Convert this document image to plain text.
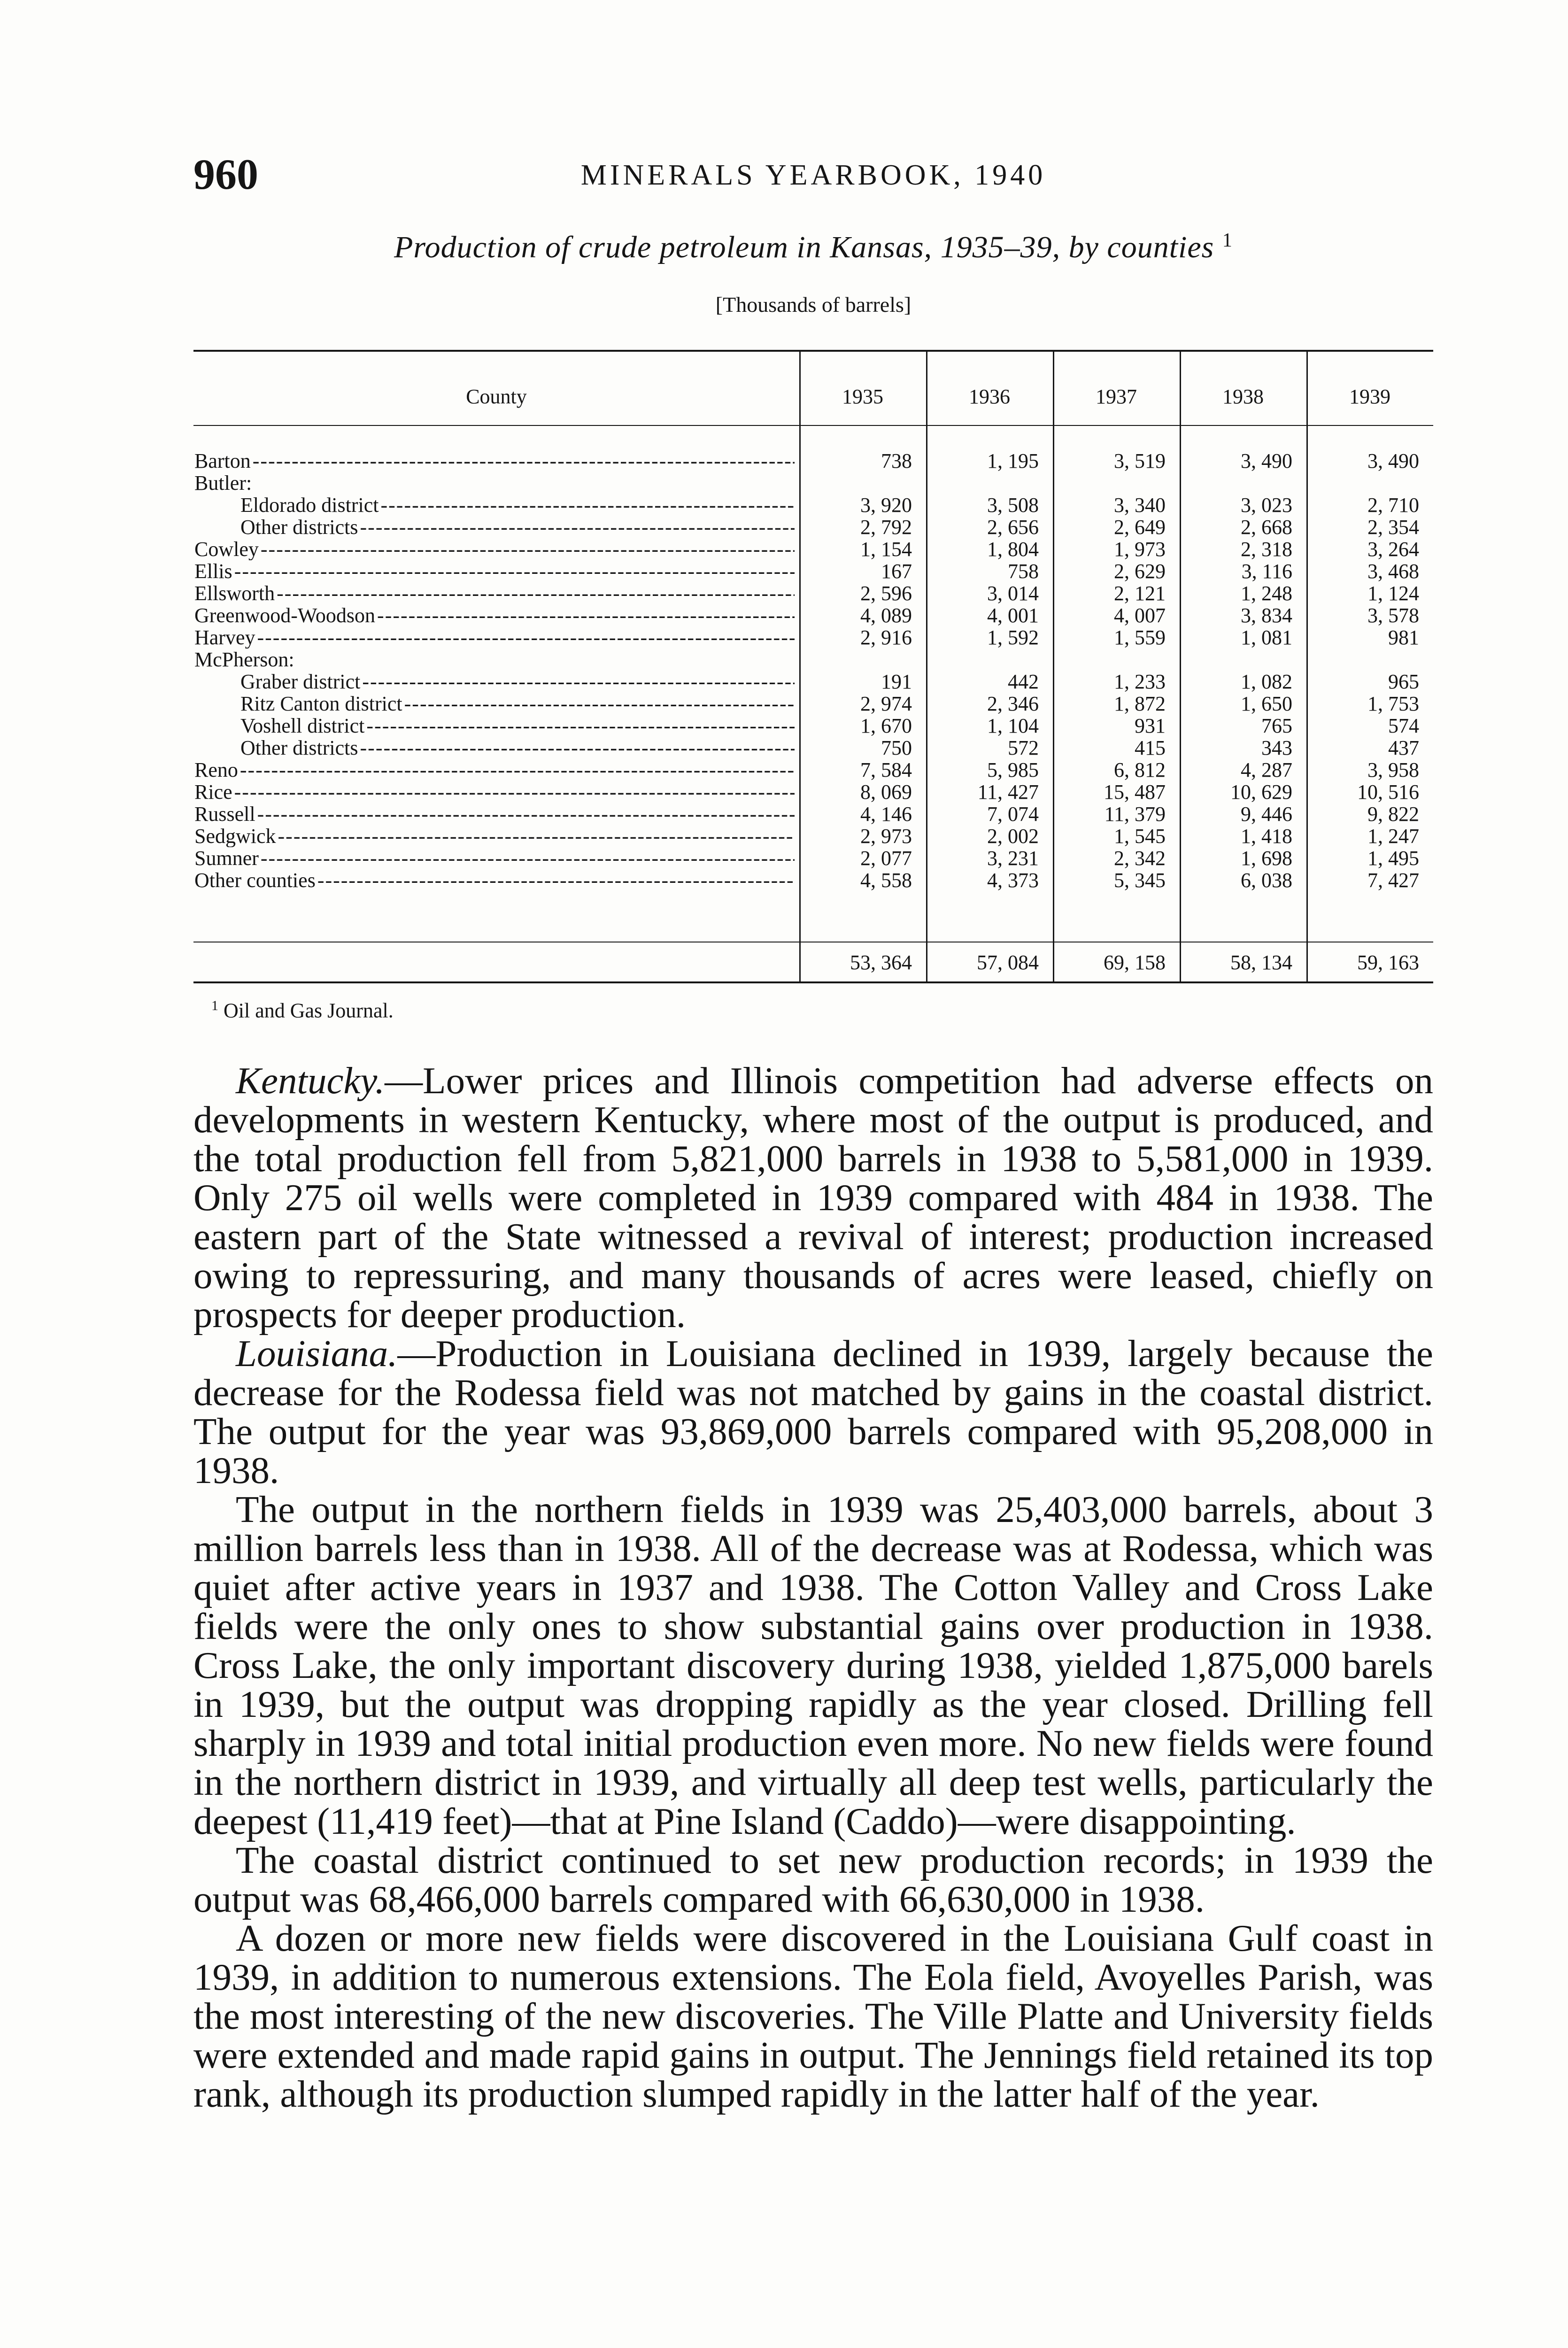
960	MINERALS YEARBOOK, 1940
Production of crude petroleum in Kansas, 1935–39, by counties $^1$
[Thousands of barrels]
County	1935	1936	1937	1938	1939
Barton -----	738	1, 195	3, 519	3, 490	3, 490
Butler:
Eldorado district -----	3, 920	3, 508	3, 340	3, 023	2, 710
Other districts -----	2, 792	2, 656	2, 649	2, 668	2, 354
Cowley -----	1, 154	1, 804	1, 973	2, 318	3, 264
Ellis -----	167	758	2, 629	3, 116	3, 468
Ellsworth -----	2, 596	3, 014	2, 121	1, 248	1, 124
Greenwood-Woodson -----	4, 089	4, 001	4, 007	3, 834	3, 578
Harvey -----	2, 916	1, 592	1, 559	1, 081	981
McPherson:
Graber district -----	191	442	1, 233	1, 082	965
Ritz Canton district -----	2, 974	2, 346	1, 872	1, 650	1, 753
Voshell district -----	1, 670	1, 104	931	765	574
Other districts -----	750	572	415	343	437
Reno -----	7, 584	5, 985	6, 812	4, 287	3, 958
Rice -----	8, 069	11, 427	15, 487	10, 629	10, 516
Russell -----	4, 146	7, 074	11, 379	9, 446	9, 822
Sedgwick -----	2, 973	2, 002	1, 545	1, 418	1, 247
Sumner -----	2, 077	3, 231	2, 342	1, 698	1, 495
Other counties -----	4, 558	4, 373	5, 345	6, 038	7, 427
53, 364	57, 084	69, 158	58, 134	59, 163
$^1$ Oil and Gas Journal.

Kentucky.—Lower prices and Illinois competition had adverse effects on developments in western Kentucky, where most of the output is produced, and the total production fell from 5,821,000 barrels in 1938 to 5,581,000 in 1939. Only 275 oil wells were completed in 1939 compared with 484 in 1938. The eastern part of the State witnessed a revival of interest; production increased owing to repressuring, and many thousands of acres were leased, chiefly on prospects for deeper production.

Louisiana.—Production in Louisiana declined in 1939, largely because the decrease for the Rodessa field was not matched by gains in the coastal district. The output for the year was 93,869,000 barrels compared with 95,208,000 in 1938.

The output in the northern fields in 1939 was 25,403,000 barrels, about 3 million barrels less than in 1938. All of the decrease was at Rodessa, which was quiet after active years in 1937 and 1938. The Cotton Valley and Cross Lake fields were the only ones to show substantial gains over production in 1938. Cross Lake, the only important discovery during 1938, yielded 1,875,000 barels in 1939, but the output was dropping rapidly as the year closed. Drilling fell sharply in 1939 and total initial production even more. No new fields were found in the northern district in 1939, and virtually all deep test wells, particularly the deepest (11,419 feet)—that at Pine Island (Caddo)—were disappointing.

The coastal district continued to set new production records; in 1939 the output was 68,466,000 barrels compared with 66,630,000 in 1938.

A dozen or more new fields were discovered in the Louisiana Gulf coast in 1939, in addition to numerous extensions. The Eola field, Avoyelles Parish, was the most interesting of the new discoveries. The Ville Platte and University fields were extended and made rapid gains in output. The Jennings field retained its top rank, although its production slumped rapidly in the latter half of the year.
